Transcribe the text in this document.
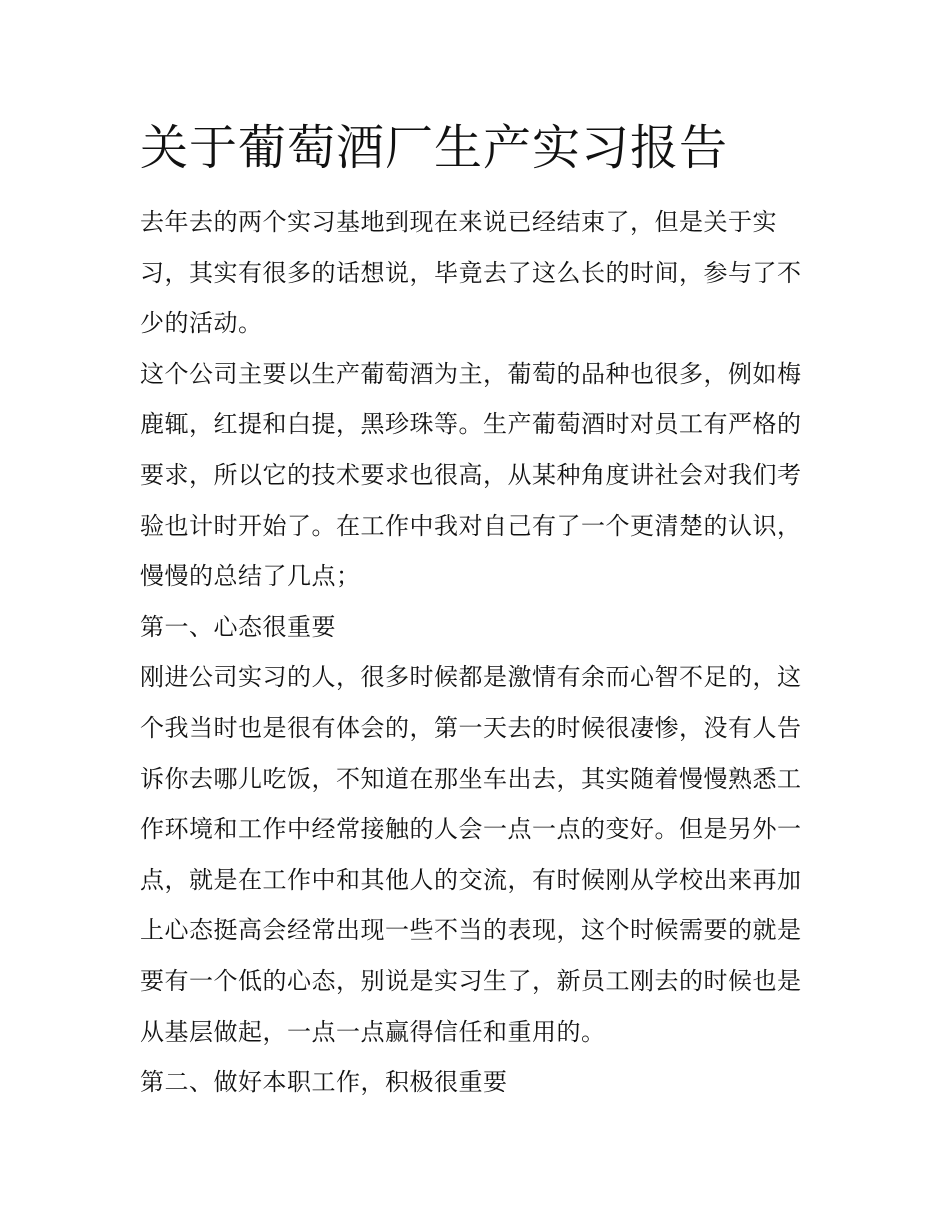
关于葡萄酒厂生产实习报告
去年去的两个实习基地到现在来说已经结束了，但是关于实
习，其实有很多的话想说，毕竟去了这么长的时间，参与了不
少的活动。
这个公司主要以生产葡萄酒为主，葡萄的品种也很多，例如梅
鹿辄，红提和白提，黑珍珠等。生产葡萄酒时对员工有严格的
要求，所以它的技术要求也很高，从某种角度讲社会对我们考
验也计时开始了。在工作中我对自己有了一个更清楚的认识，
慢慢的总结了几点；
第一、心态很重要
刚进公司实习的人，很多时候都是激情有余而心智不足的，这
个我当时也是很有体会的，第一天去的时候很凄惨，没有人告
诉你去哪儿吃饭，不知道在那坐车出去，其实随着慢慢熟悉工
作环境和工作中经常接触的人会一点一点的变好。但是另外一
点，就是在工作中和其他人的交流，有时候刚从学校出来再加
上心态挺高会经常出现一些不当的表现，这个时候需要的就是
要有一个低的心态，别说是实习生了，新员工刚去的时候也是
从基层做起，一点一点赢得信任和重用的。
第二、做好本职工作，积极很重要
